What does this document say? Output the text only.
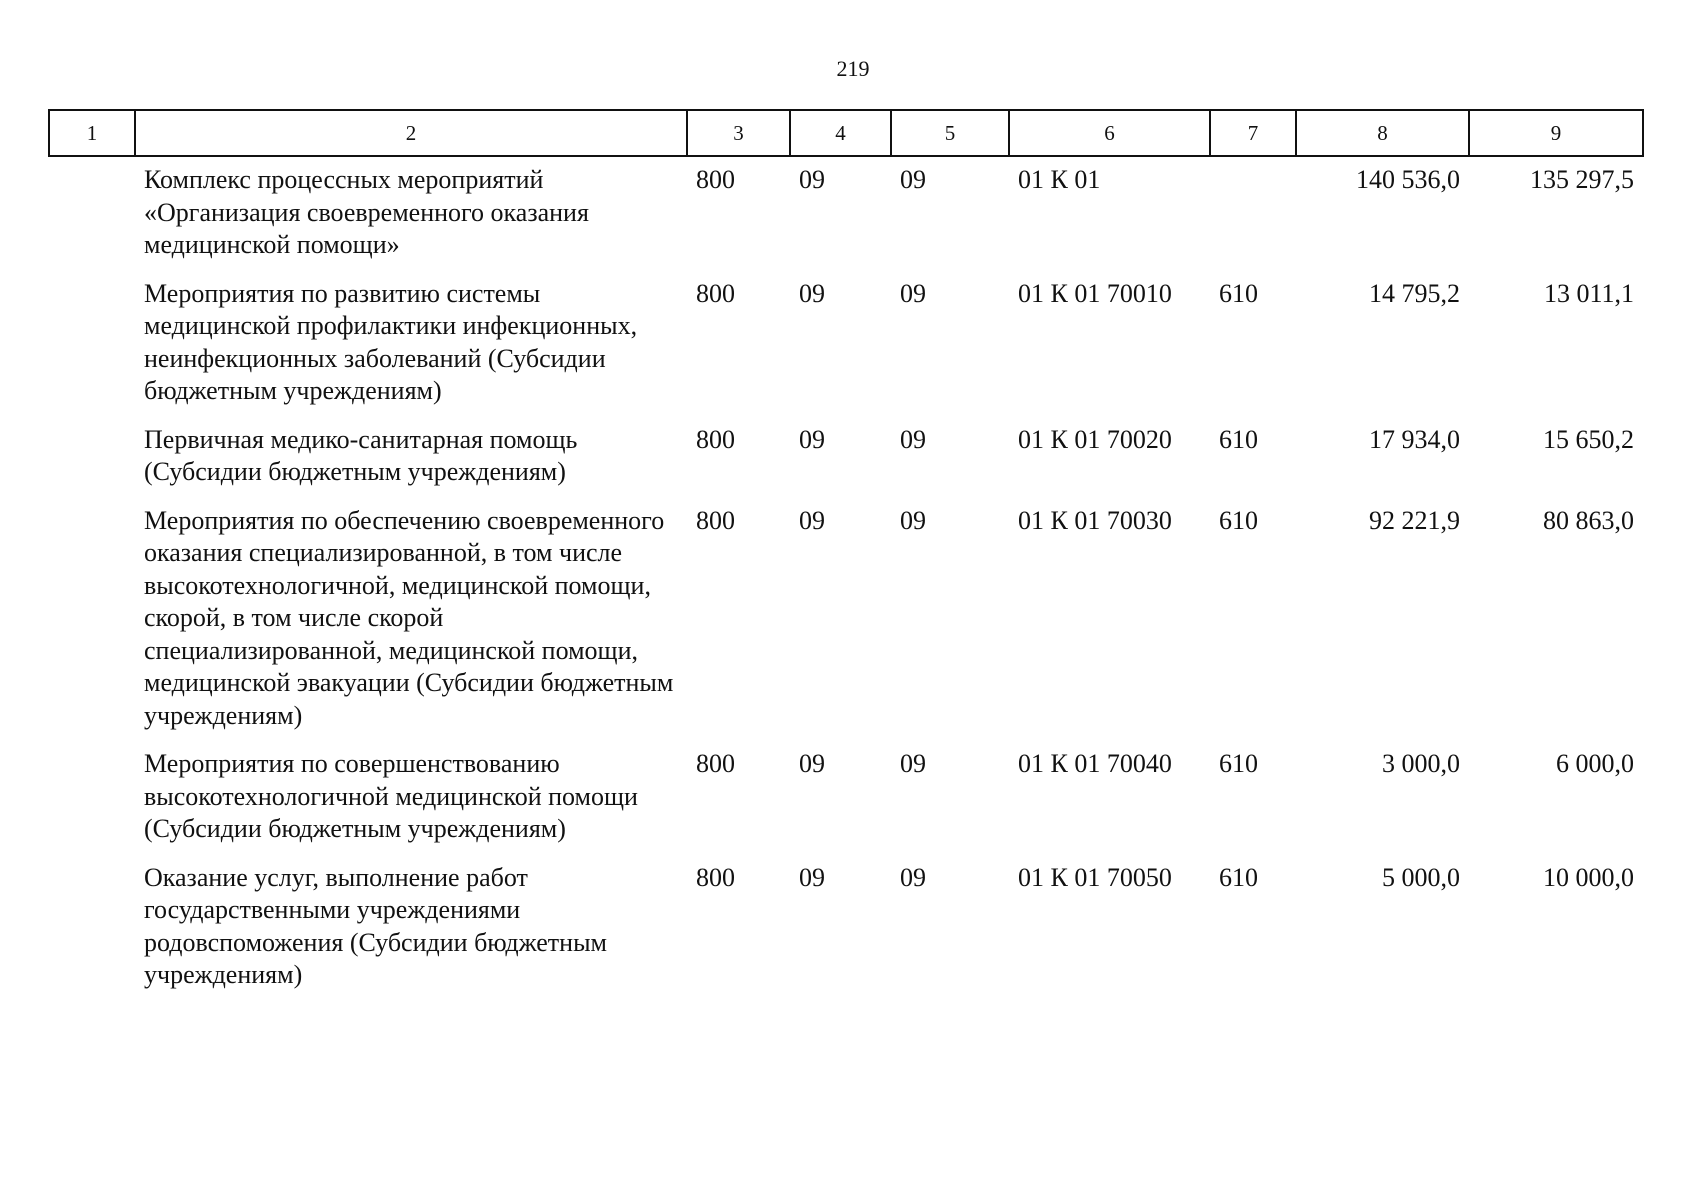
219
1	2	3	4	5	6	7	8	9
	Комплекс процессных мероприятий «Организация своевременного оказания медицинской помощи»	800	09	09	01 К 01		140 536,0	135 297,5
	Мероприятия по развитию системы медицинской профилактики инфекционных, неинфекционных заболеваний (Субсидии бюджетным учреждениям)	800	09	09	01 К 01 70010	610	14 795,2	13 011,1
	Первичная медико-санитарная помощь (Субсидии бюджетным учреждениям)	800	09	09	01 К 01 70020	610	17 934,0	15 650,2
	Мероприятия по обеспечению своевременного оказания специализированной, в том числе высокотехнологичной, медицинской помощи, скорой, в том числе скорой специализированной, медицинской помощи, медицинской эвакуации (Субсидии бюджетным учреждениям)	800	09	09	01 К 01 70030	610	92 221,9	80 863,0
	Мероприятия по совершенствованию высокотехнологичной медицинской помощи (Субсидии бюджетным учреждениям)	800	09	09	01 К 01 70040	610	3 000,0	6 000,0
	Оказание услуг, выполнение работ государственными учреждениями родовспоможения (Субсидии бюджетным учреждениям)	800	09	09	01 К 01 70050	610	5 000,0	10 000,0
